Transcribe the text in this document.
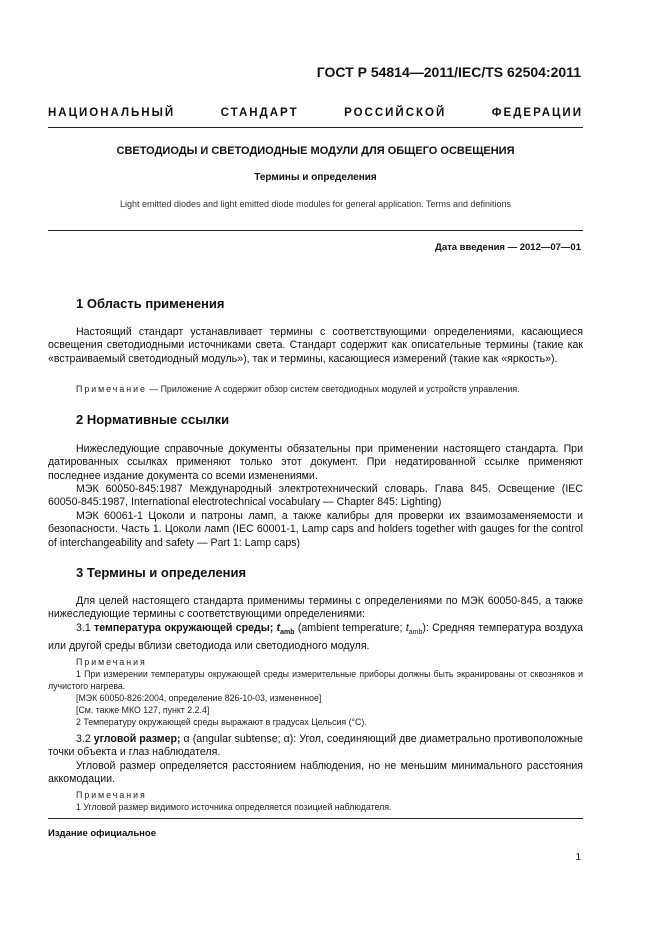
ГОСТ Р 54814—2011/IEC/TS 62504:2011
НАЦИОНАЛЬНЫЙ	СТАНДАРТ	РОССИЙСКОЙ	ФЕДЕРАЦИИ
СВЕТОДИОДЫ И СВЕТОДИОДНЫЕ МОДУЛИ ДЛЯ ОБЩЕГО ОСВЕЩЕНИЯ
Термины и определения
Light emitted diodes and light emitted diode modules for general application. Terms and definitions
Дата введения — 2012—07—01
1 Область применения
Настоящий стандарт устанавливает термины с соответствующими определениями, касающиеся освещения светодиодными источниками света. Стандарт содержит как описательные термины (такие как «встраиваемый светодиодный модуль»), так и термины, касающиеся измерений (такие как «яркость»).
Примечание — Приложение А содержит обзор систем светодиодных модулей и устройств управления.
2 Нормативные ссылки
Нижеследующие справочные документы обязательны при применении настоящего стандарта. При датированных ссылках применяют только этот документ. При недатированной ссылке применяют последнее издание документа со всеми изменениями.
МЭК 60050-845:1987 Международный электротехнический словарь. Глава 845. Освещение (IEC 60050-845:1987, International electrotechnical vocabulary — Chapter 845: Lighting)
МЭК 60061-1 Цоколи и патроны ламп, а также калибры для проверки их взаимозаменяемости и безопасности. Часть 1. Цоколи ламп (IEC 60001-1, Lamp caps and holders together with gauges for the control of interchangeability and safety — Part 1: Lamp caps)
3 Термины и определения
Для целей настоящего стандарта применимы термины с определениями по МЭК 60050-845, а также нижеследующие термины с соответствующими определениями:
3.1 температура окружающей среды; $t_{amb}$ (ambient temperature; $t_{amb}$): Средняя температура воздуха или другой среды вблизи светодиода или светодиодного модуля.
Примечания
1 При измерении температуры окружающей среды измерительные приборы должны быть экранированы от сквозняков и лучистого нагрева.
[МЭК 60050-826:2004, определение 826-10-03, измененное]
[См. также МКО 127, пункт 2.2.4]
2 Температуру окружающей среды выражают в градусах Цельсия (°С).
3.2 угловой размер; α (angular subtense; α): Угол, соединяющий две диаметрально противоположные точки объекта и глаз наблюдателя.
Угловой размер определяется расстоянием наблюдения, но не меньшим минимального расстояния аккомодации.
Примечания
1 Угловой размер видимого источника определяется позицией наблюдателя.
Издание официальное
1
